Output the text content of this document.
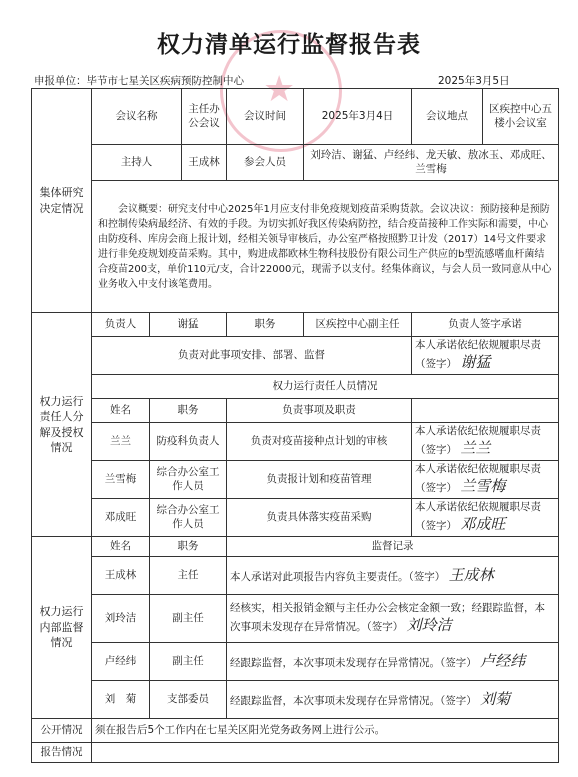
★
权力清单运行监督报告表
申报单位：毕节市七星关区疾病预防控制中心	2025年3月5日
集体研究决定情况	会议名称		主任办公会议	会议时间	2025年3月4日	会议地点	区疾控中心五楼小会议室
	主持人		王成林	参会人员	刘玲洁、谢猛、卢经纬、龙天敏、敖冰玉、邓成旺、兰雪梅		
	会议概要：研究支付中心2025年1月应支付非免疫规划疫苗采购货款。会议决议：预防接种是预防和控制传染病最经济、有效的手段。为切实抓好我区传染病防控，结合疫苗接种工作实际和需要，中心由防疫科、库房会商上报计划，经相关领导审核后，办公室严格按照黔卫计发（2017）14号文件要求进行非免疫规划疫苗采购。其中，购进成都欧林生物科技股份有限公司生产供应的b型流感嗜血杆菌结合疫苗200支，单价110元/支，合计22000元，现需予以支付。经集体商议，与会人员一致同意从中心业务收入中支付该笔费用。						
权力运行责任人分解及授权情况	负责人	谢猛		职务	区疾控中心副主任	负责人签字承诺	
	负责对此事项安排、部署、监督					本人承诺依纪依规履职尽责（签字） 谢猛	
	权力运行责任人员情况						
	姓名	职务		负责事项及职责			
	兰兰	防疫科负责人		负责对疫苗接种点计划的审核		本人承诺依纪依规履职尽责（签字） 兰兰	
	兰雪梅	综合办公室工作人员		负责报计划和疫苗管理		本人承诺依纪依规履职尽责（签字） 兰雪梅	
	邓成旺	综合办公室工作人员		负责具体落实疫苗采购		本人承诺依纪依规履职尽责（签字） 邓成旺	
权力运行内部监督情况	姓名	职务		监督记录			
	王成林	主任		本人承诺对此项报告内容负主要责任。（签字） 王成林			
	刘玲洁	副主任		经核实，相关报销金额与主任办公会核定金额一致；经跟踪监督，本次事项未发现存在异常情况。（签字） 刘玲洁			
	卢经纬	副主任		经跟踪监督，本次事项未发现存在异常情况。（签字） 卢经纬			
	刘　菊	支部委员		经跟踪监督，本次事项未发现存在异常情况。（签字） 刘菊			
公开情况	须在报告后5个工作内在七星关区阳光党务政务网上进行公示。						
报告情况							
